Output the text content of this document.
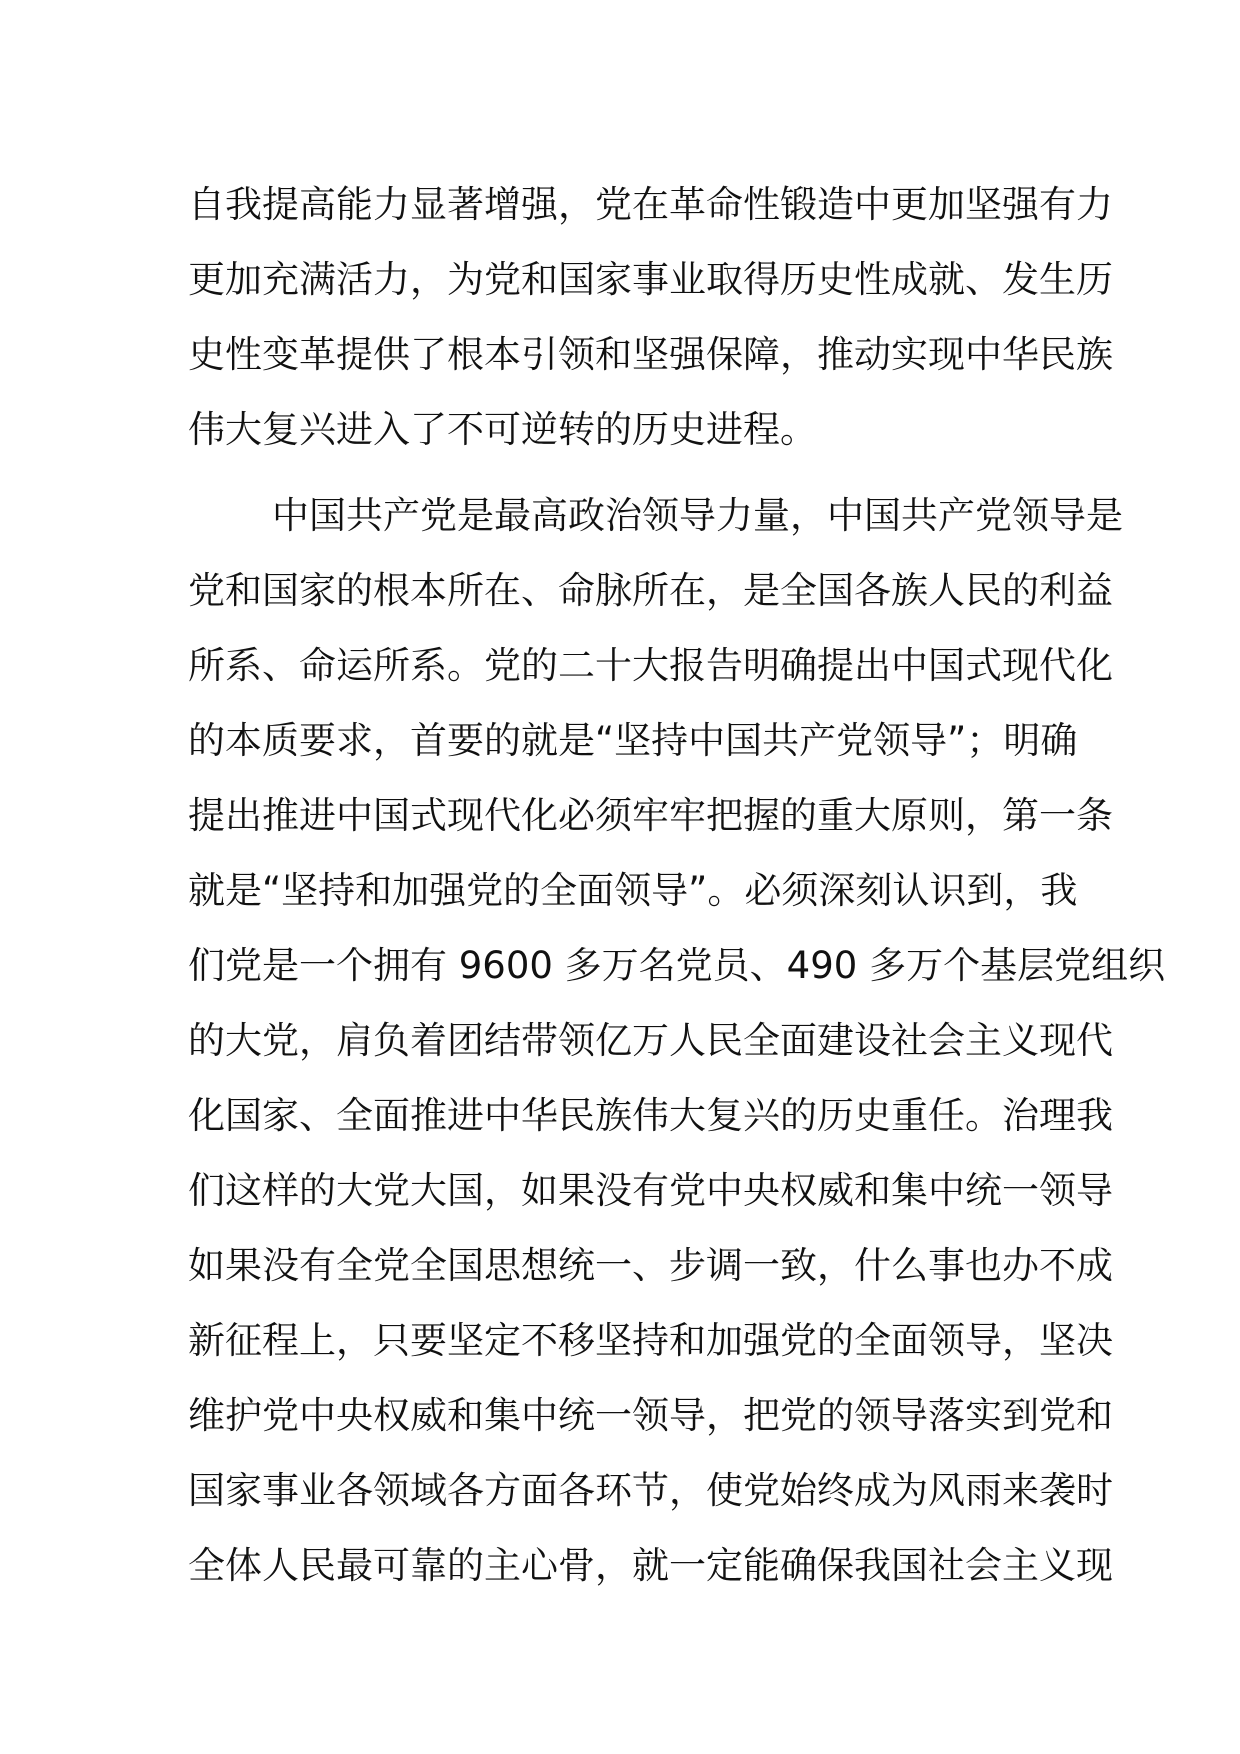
自我提高能力显著增强，党在革命性锻造中更加坚强有力
更加充满活力，为党和国家事业取得历史性成就、发生历
史性变革提供了根本引领和坚强保障，推动实现中华民族
伟大复兴进入了不可逆转的历史进程。
中国共产党是最高政治领导力量，中国共产党领导是
党和国家的根本所在、命脉所在，是全国各族人民的利益
所系、命运所系。党的二十大报告明确提出中国式现代化
的本质要求，首要的就是“坚持中国共产党领导”；明确
提出推进中国式现代化必须牢牢把握的重大原则，第一条
就是“坚持和加强党的全面领导”。必须深刻认识到，我
们党是一个拥有 9600 多万名党员、490 多万个基层党组织
的大党，肩负着团结带领亿万人民全面建设社会主义现代
化国家、全面推进中华民族伟大复兴的历史重任。治理我
们这样的大党大国，如果没有党中央权威和集中统一领导
如果没有全党全国思想统一、步调一致，什么事也办不成
新征程上，只要坚定不移坚持和加强党的全面领导，坚决
维护党中央权威和集中统一领导，把党的领导落实到党和
国家事业各领域各方面各环节，使党始终成为风雨来袭时
全体人民最可靠的主心骨，就一定能确保我国社会主义现
